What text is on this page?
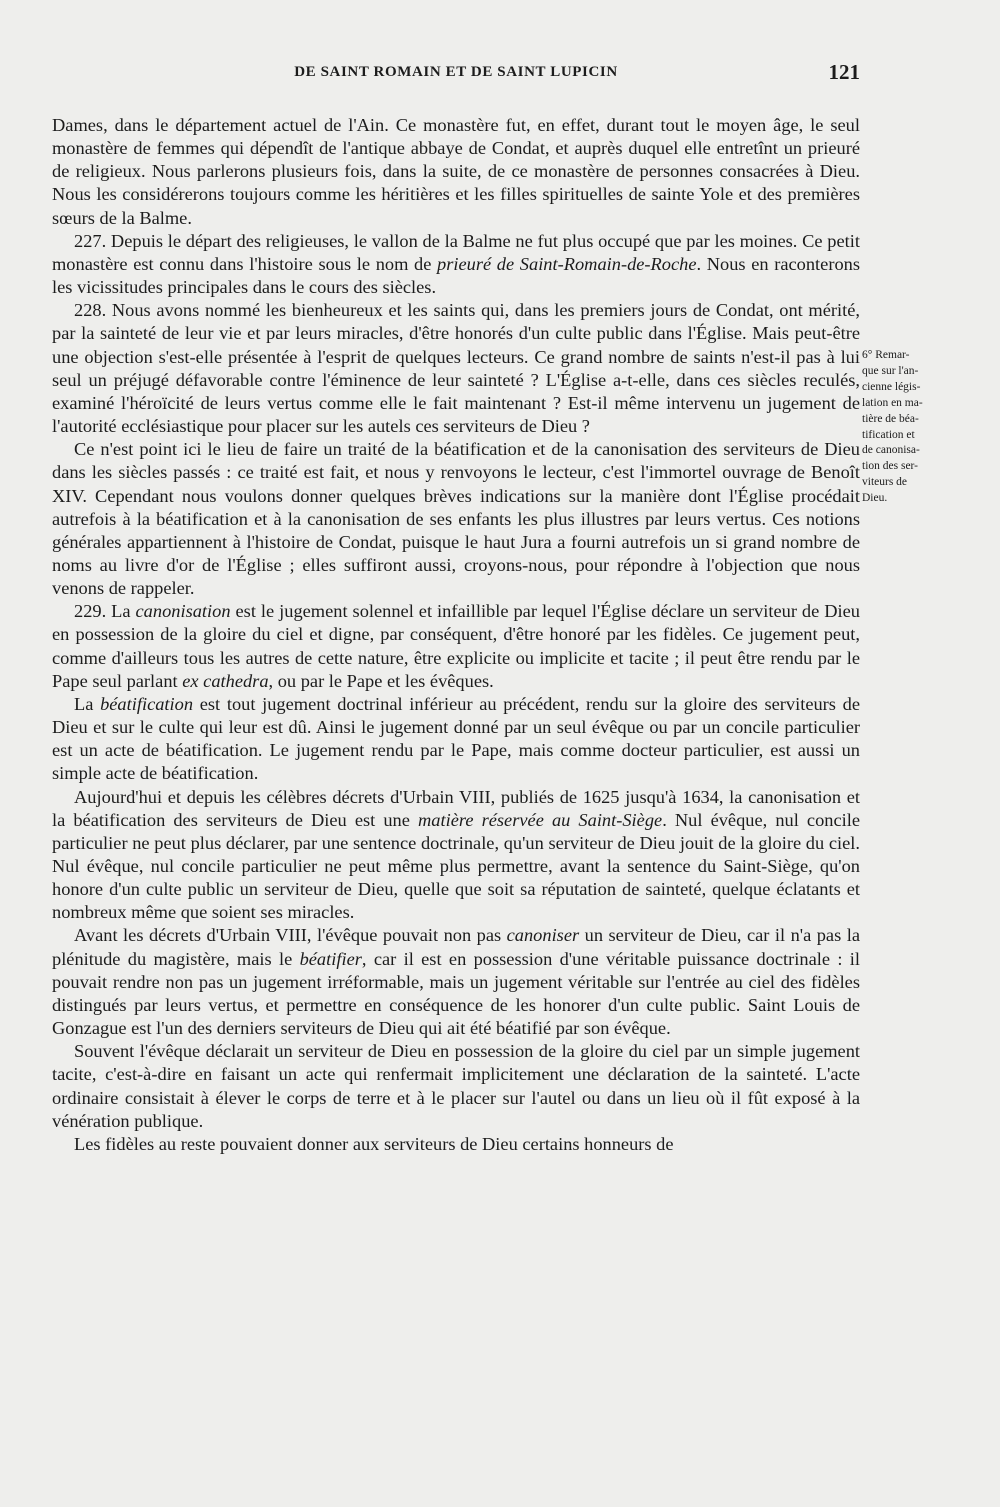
DE SAINT ROMAIN ET DE SAINT LUPICIN	121

Dames, dans le département actuel de l'Ain. Ce monastère fut, en effet, durant tout le moyen âge, le seul monastère de femmes qui dépendît de l'antique abbaye de Condat, et auprès duquel elle entretînt un prieuré de religieux. Nous parlerons plusieurs fois, dans la suite, de ce monastère de personnes consacrées à Dieu. Nous les considérerons toujours comme les héritières et les filles spirituelles de sainte Yole et des premières sœurs de la Balme.

227. Depuis le départ des religieuses, le vallon de la Balme ne fut plus occupé que par les moines. Ce petit monastère est connu dans l'histoire sous le nom de prieuré de Saint-Romain-de-Roche. Nous en raconterons les vicissitudes principales dans le cours des siècles.

228. Nous avons nommé les bienheureux et les saints qui, dans les premiers jours de Condat, ont mérité, par la sainteté de leur vie et par leurs miracles, d'être honorés d'un culte public dans l'Église. Mais peut-être une objection s'est-elle présentée à l'esprit de quelques lecteurs. Ce grand nombre de saints n'est-il pas à lui seul un préjugé défavorable contre l'éminence de leur sainteté ? L'Église a-t-elle, dans ces siècles reculés, examiné l'héroïcité de leurs vertus comme elle le fait maintenant ? Est-il même intervenu un jugement de l'autorité ecclésiastique pour placer sur les autels ces serviteurs de Dieu ?

Ce n'est point ici le lieu de faire un traité de la béatification et de la canonisation des serviteurs de Dieu dans les siècles passés : ce traité est fait, et nous y renvoyons le lecteur, c'est l'immortel ouvrage de Benoît XIV. Cependant nous voulons donner quelques brèves indications sur la manière dont l'Église procédait autrefois à la béatification et à la canonisation de ses enfants les plus illustres par leurs vertus. Ces notions générales appartiennent à l'histoire de Condat, puisque le haut Jura a fourni autrefois un si grand nombre de noms au livre d'or de l'Église ; elles suffiront aussi, croyons-nous, pour répondre à l'objection que nous venons de rappeler.

229. La canonisation est le jugement solennel et infaillible par lequel l'Église déclare un serviteur de Dieu en possession de la gloire du ciel et digne, par conséquent, d'être honoré par les fidèles. Ce jugement peut, comme d'ailleurs tous les autres de cette nature, être explicite ou implicite et tacite ; il peut être rendu par le Pape seul parlant ex cathedra, ou par le Pape et les évêques.

La béatification est tout jugement doctrinal inférieur au précédent, rendu sur la gloire des serviteurs de Dieu et sur le culte qui leur est dû. Ainsi le jugement donné par un seul évêque ou par un concile particulier est un acte de béatification. Le jugement rendu par le Pape, mais comme docteur particulier, est aussi un simple acte de béatification.

Aujourd'hui et depuis les célèbres décrets d'Urbain VIII, publiés de 1625 jusqu'à 1634, la canonisation et la béatification des serviteurs de Dieu est une matière réservée au Saint-Siège. Nul évêque, nul concile particulier ne peut plus déclarer, par une sentence doctrinale, qu'un serviteur de Dieu jouit de la gloire du ciel. Nul évêque, nul concile particulier ne peut même plus permettre, avant la sentence du Saint-Siège, qu'on honore d'un culte public un serviteur de Dieu, quelle que soit sa réputation de sainteté, quelque éclatants et nombreux même que soient ses miracles.

Avant les décrets d'Urbain VIII, l'évêque pouvait non pas canoniser un serviteur de Dieu, car il n'a pas la plénitude du magistère, mais le béatifier, car il est en possession d'une véritable puissance doctrinale : il pouvait rendre non pas un jugement irréformable, mais un jugement véritable sur l'entrée au ciel des fidèles distingués par leurs vertus, et permettre en conséquence de les honorer d'un culte public. Saint Louis de Gonzague est l'un des derniers serviteurs de Dieu qui ait été béatifié par son évêque.

Souvent l'évêque déclarait un serviteur de Dieu en possession de la gloire du ciel par un simple jugement tacite, c'est-à-dire en faisant un acte qui renfermait implicitement une déclaration de la sainteté. L'acte ordinaire consistait à élever le corps de terre et à le placer sur l'autel ou dans un lieu où il fût exposé à la vénération publique.

Les fidèles au reste pouvaient donner aux serviteurs de Dieu certains honneurs de

6° Remar-
que sur l'an-
cienne légis-
lation en ma-
tière de béa-
tification et
de canonisa-
tion des ser-
viteurs de
Dieu.
